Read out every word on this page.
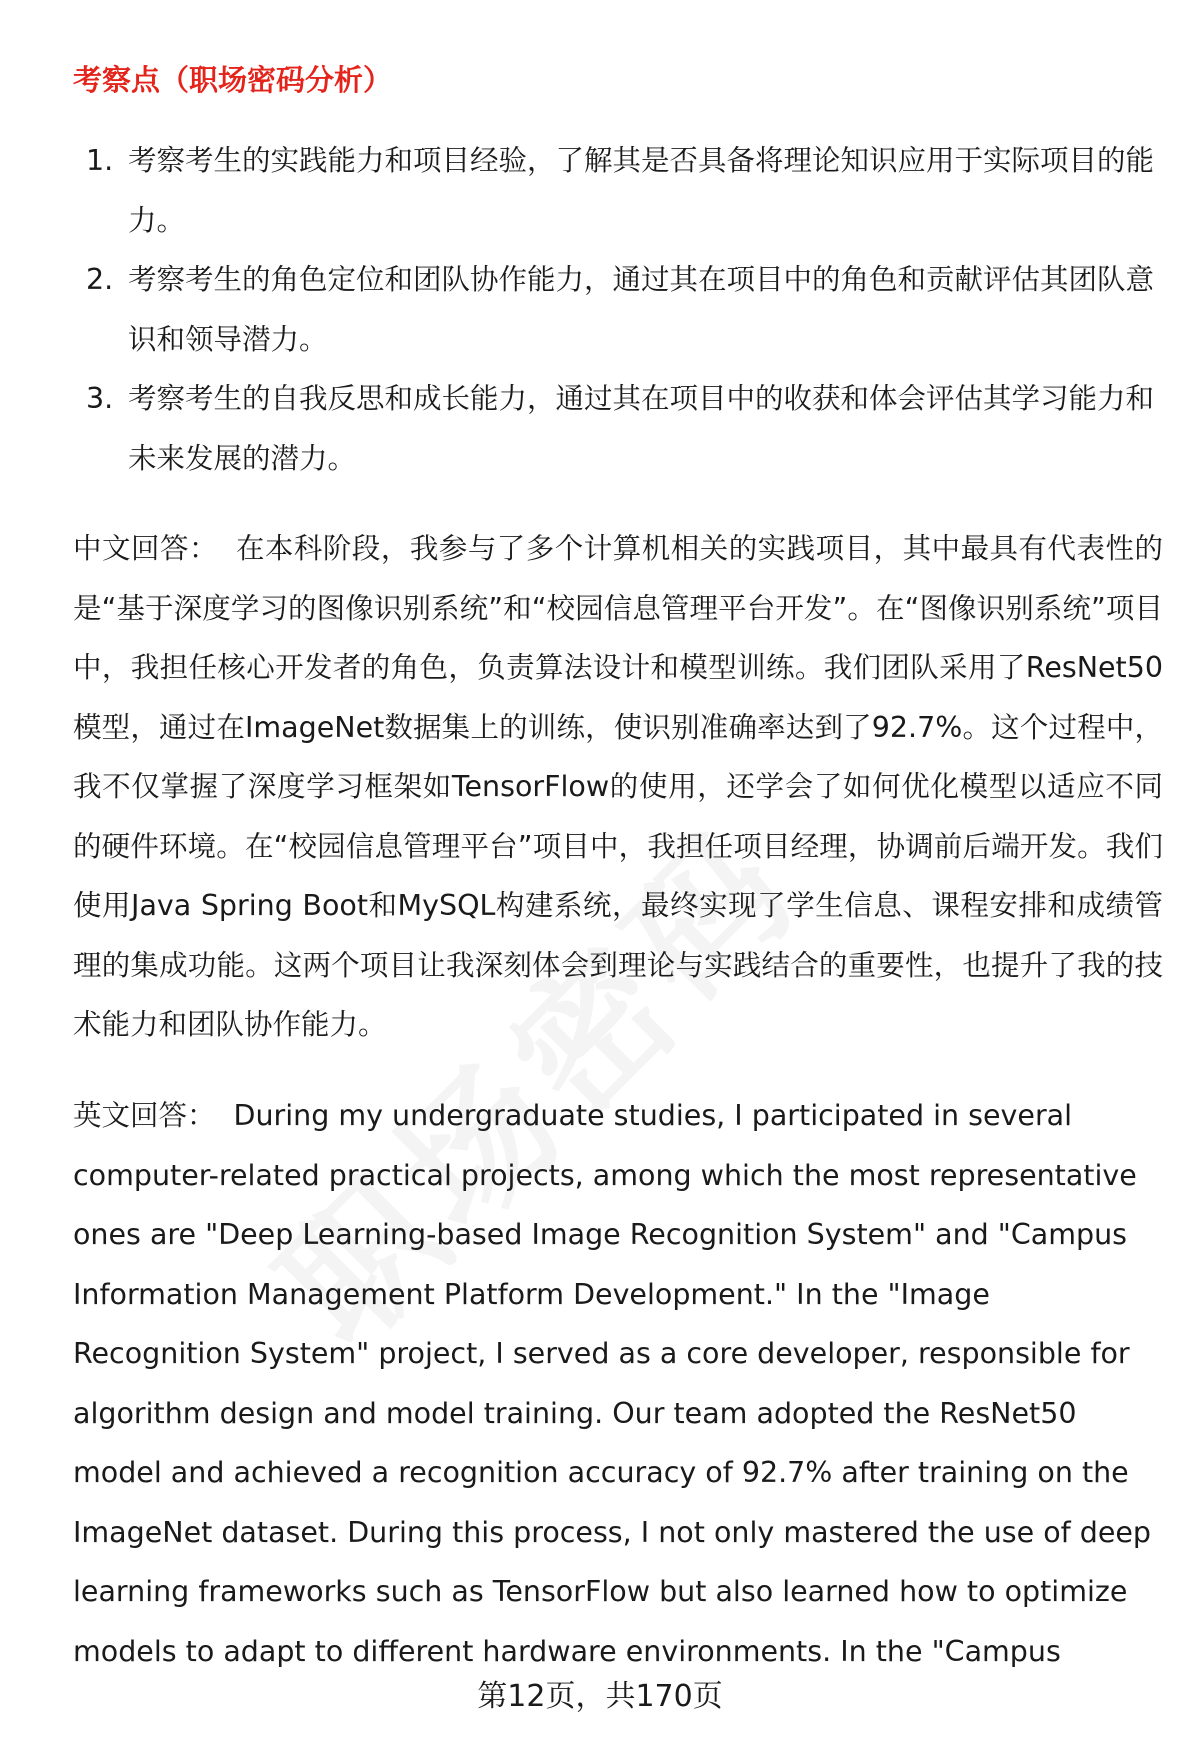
考察点（职场密码分析）
1. 考察考生的实践能力和项目经验，了解其是否具备将理论知识应用于实际项目的能力。
2. 考察考生的角色定位和团队协作能力，通过其在项目中的角色和贡献评估其团队意识和领导潜力。
3. 考察考生的自我反思和成长能力，通过其在项目中的收获和体会评估其学习能力和未来发展的潜力。

中文回答： 在本科阶段，我参与了多个计算机相关的实践项目，其中最具有代表性的是“基于深度学习的图像识别系统”和“校园信息管理平台开发”。在“图像识别系统”项目中，我担任核心开发者的角色，负责算法设计和模型训练。我们团队采用了ResNet50模型，通过在ImageNet数据集上的训练，使识别准确率达到了92.7%。这个过程中，我不仅掌握了深度学习框架如TensorFlow的使用，还学会了如何优化模型以适应不同的硬件环境。在“校园信息管理平台”项目中，我担任项目经理，协调前后端开发。我们使用Java Spring Boot和MySQL构建系统，最终实现了学生信息、课程安排和成绩管理的集成功能。这两个项目让我深刻体会到理论与实践结合的重要性，也提升了我的技术能力和团队协作能力。

英文回答： During my undergraduate studies, I participated in several computer-related practical projects, among which the most representative ones are "Deep Learning-based Image Recognition System" and "Campus Information Management Platform Development." In the "Image Recognition System" project, I served as a core developer, responsible for algorithm design and model training. Our team adopted the ResNet50 model and achieved a recognition accuracy of 92.7% after training on the ImageNet dataset. During this process, I not only mastered the use of deep learning frameworks such as TensorFlow but also learned how to optimize models to adapt to different hardware environments. In the "Campus

第12页，共170页
